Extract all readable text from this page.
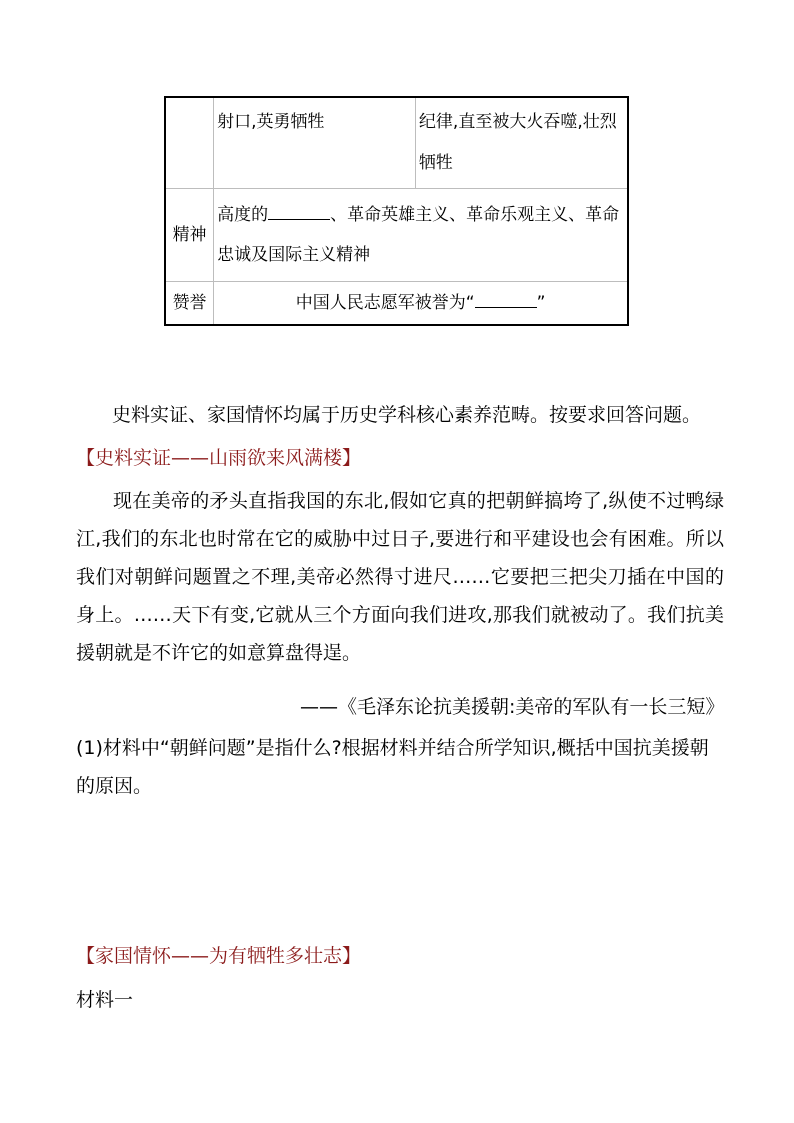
	射口,英勇牺牲	纪律,直至被大火吞噬,壮烈牺牲
精神	高度的 、革命英雄主义、革命乐观主义、革命忠诚及国际主义精神	
赞誉	中国人民志愿军被誉为“ ”	
史料实证、家国情怀均属于历史学科核心素养范畴。按要求回答问题。
【史料实证——山雨欲来风满楼】
现在美帝的矛头直指我国的东北,假如它真的把朝鲜搞垮了,纵使不过鸭绿江,我们的东北也时常在它的威胁中过日子,要进行和平建设也会有困难。所以我们对朝鲜问题置之不理,美帝必然得寸进尺……它要把三把尖刀插在中国的身上。……天下有变,它就从三个方面向我们进攻,那我们就被动了。我们抗美援朝就是不许它的如意算盘得逞。
——《毛泽东论抗美援朝:美帝的军队有一长三短》
(1)材料中“朝鲜问题”是指什么?根据材料并结合所学知识,概括中国抗美援朝的原因。
【家国情怀——为有牺牲多壮志】
材料一
